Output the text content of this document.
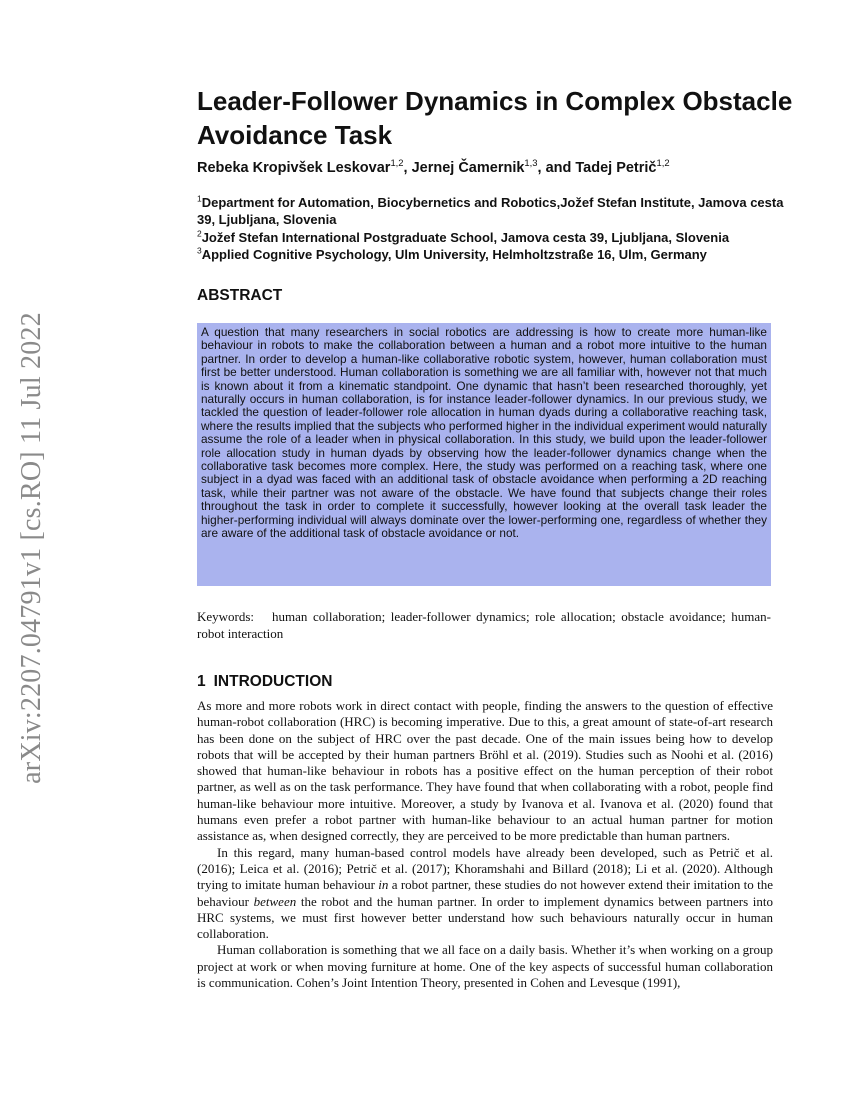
arXiv:2207.04791v1 [cs.RO] 11 Jul 2022
Leader-Follower Dynamics in Complex Obstacle Avoidance Task
Rebeka Kropivšek Leskovar$^{1,2}$, Jernej Čamernik$^{1,3}$, and Tadej Petrič$^{1,2}$

$^1$Department for Automation, Biocybernetics and Robotics,Jožef Stefan Institute, Jamova cesta 39, Ljubljana, Slovenia

$^2$Jožef Stefan International Postgraduate School, Jamova cesta 39, Ljubljana, Slovenia

$^3$Applied Cognitive Psychology, Ulm University, Helmholtzstraße 16, Ulm, Germany

ABSTRACT

A question that many researchers in social robotics are addressing is how to create more human-like behaviour in robots to make the collaboration between a human and a robot more intuitive to the human partner. In order to develop a human-like collaborative robotic system, however, human collaboration must first be better understood. Human collaboration is something we are all familiar with, however not that much is known about it from a kinematic standpoint. One dynamic that hasn’t been researched thoroughly, yet naturally occurs in human collaboration, is for instance leader-follower dynamics. In our previous study, we tackled the question of leader-follower role allocation in human dyads during a collaborative reaching task, where the results implied that the subjects who performed higher in the individual experiment would naturally assume the role of a leader when in physical collaboration. In this study, we build upon the leader-follower role allocation study in human dyads by observing how the leader-follower dynamics change when the collaborative task becomes more complex. Here, the study was performed on a reaching task, where one subject in a dyad was faced with an additional task of obstacle avoidance when performing a 2D reaching task, while their partner was not aware of the obstacle. We have found that subjects change their roles throughout the task in order to complete it successfully, however looking at the overall task leader the higher-performing individual will always dominate over the lower-performing one, regardless of whether they are aware of the additional task of obstacle avoidance or not.

Keywords: human collaboration; leader-follower dynamics; role allocation; obstacle avoidance; human-robot interaction

1 INTRODUCTION

As more and more robots work in direct contact with people, finding the answers to the question of effective human-robot collaboration (HRC) is becoming imperative. Due to this, a great amount of state-of-art research has been done on the subject of HRC over the past decade. One of the main issues being how to develop robots that will be accepted by their human partners Bröhl et al. (2019). Studies such as Noohi et al. (2016) showed that human-like behaviour in robots has a positive effect on the human perception of their robot partner, as well as on the task performance. They have found that when collaborating with a robot, people find human-like behaviour more intuitive. Moreover, a study by Ivanova et al. Ivanova et al. (2020) found that humans even prefer a robot partner with human-like behaviour to an actual human partner for motion assistance as, when designed correctly, they are perceived to be more predictable than human partners.

In this regard, many human-based control models have already been developed, such as Petrič et al. (2016); Leica et al. (2016); Petrič et al. (2017); Khoramshahi and Billard (2018); Li et al. (2020). Although trying to imitate human behaviour in a robot partner, these studies do not however extend their imitation to the behaviour between the robot and the human partner. In order to implement dynamics between partners into HRC systems, we must first however better understand how such behaviours naturally occur in human collaboration.

Human collaboration is something that we all face on a daily basis. Whether it’s when working on a group project at work or when moving furniture at home. One of the key aspects of successful human collaboration is communication. Cohen’s Joint Intention Theory, presented in Cohen and Levesque (1991),
